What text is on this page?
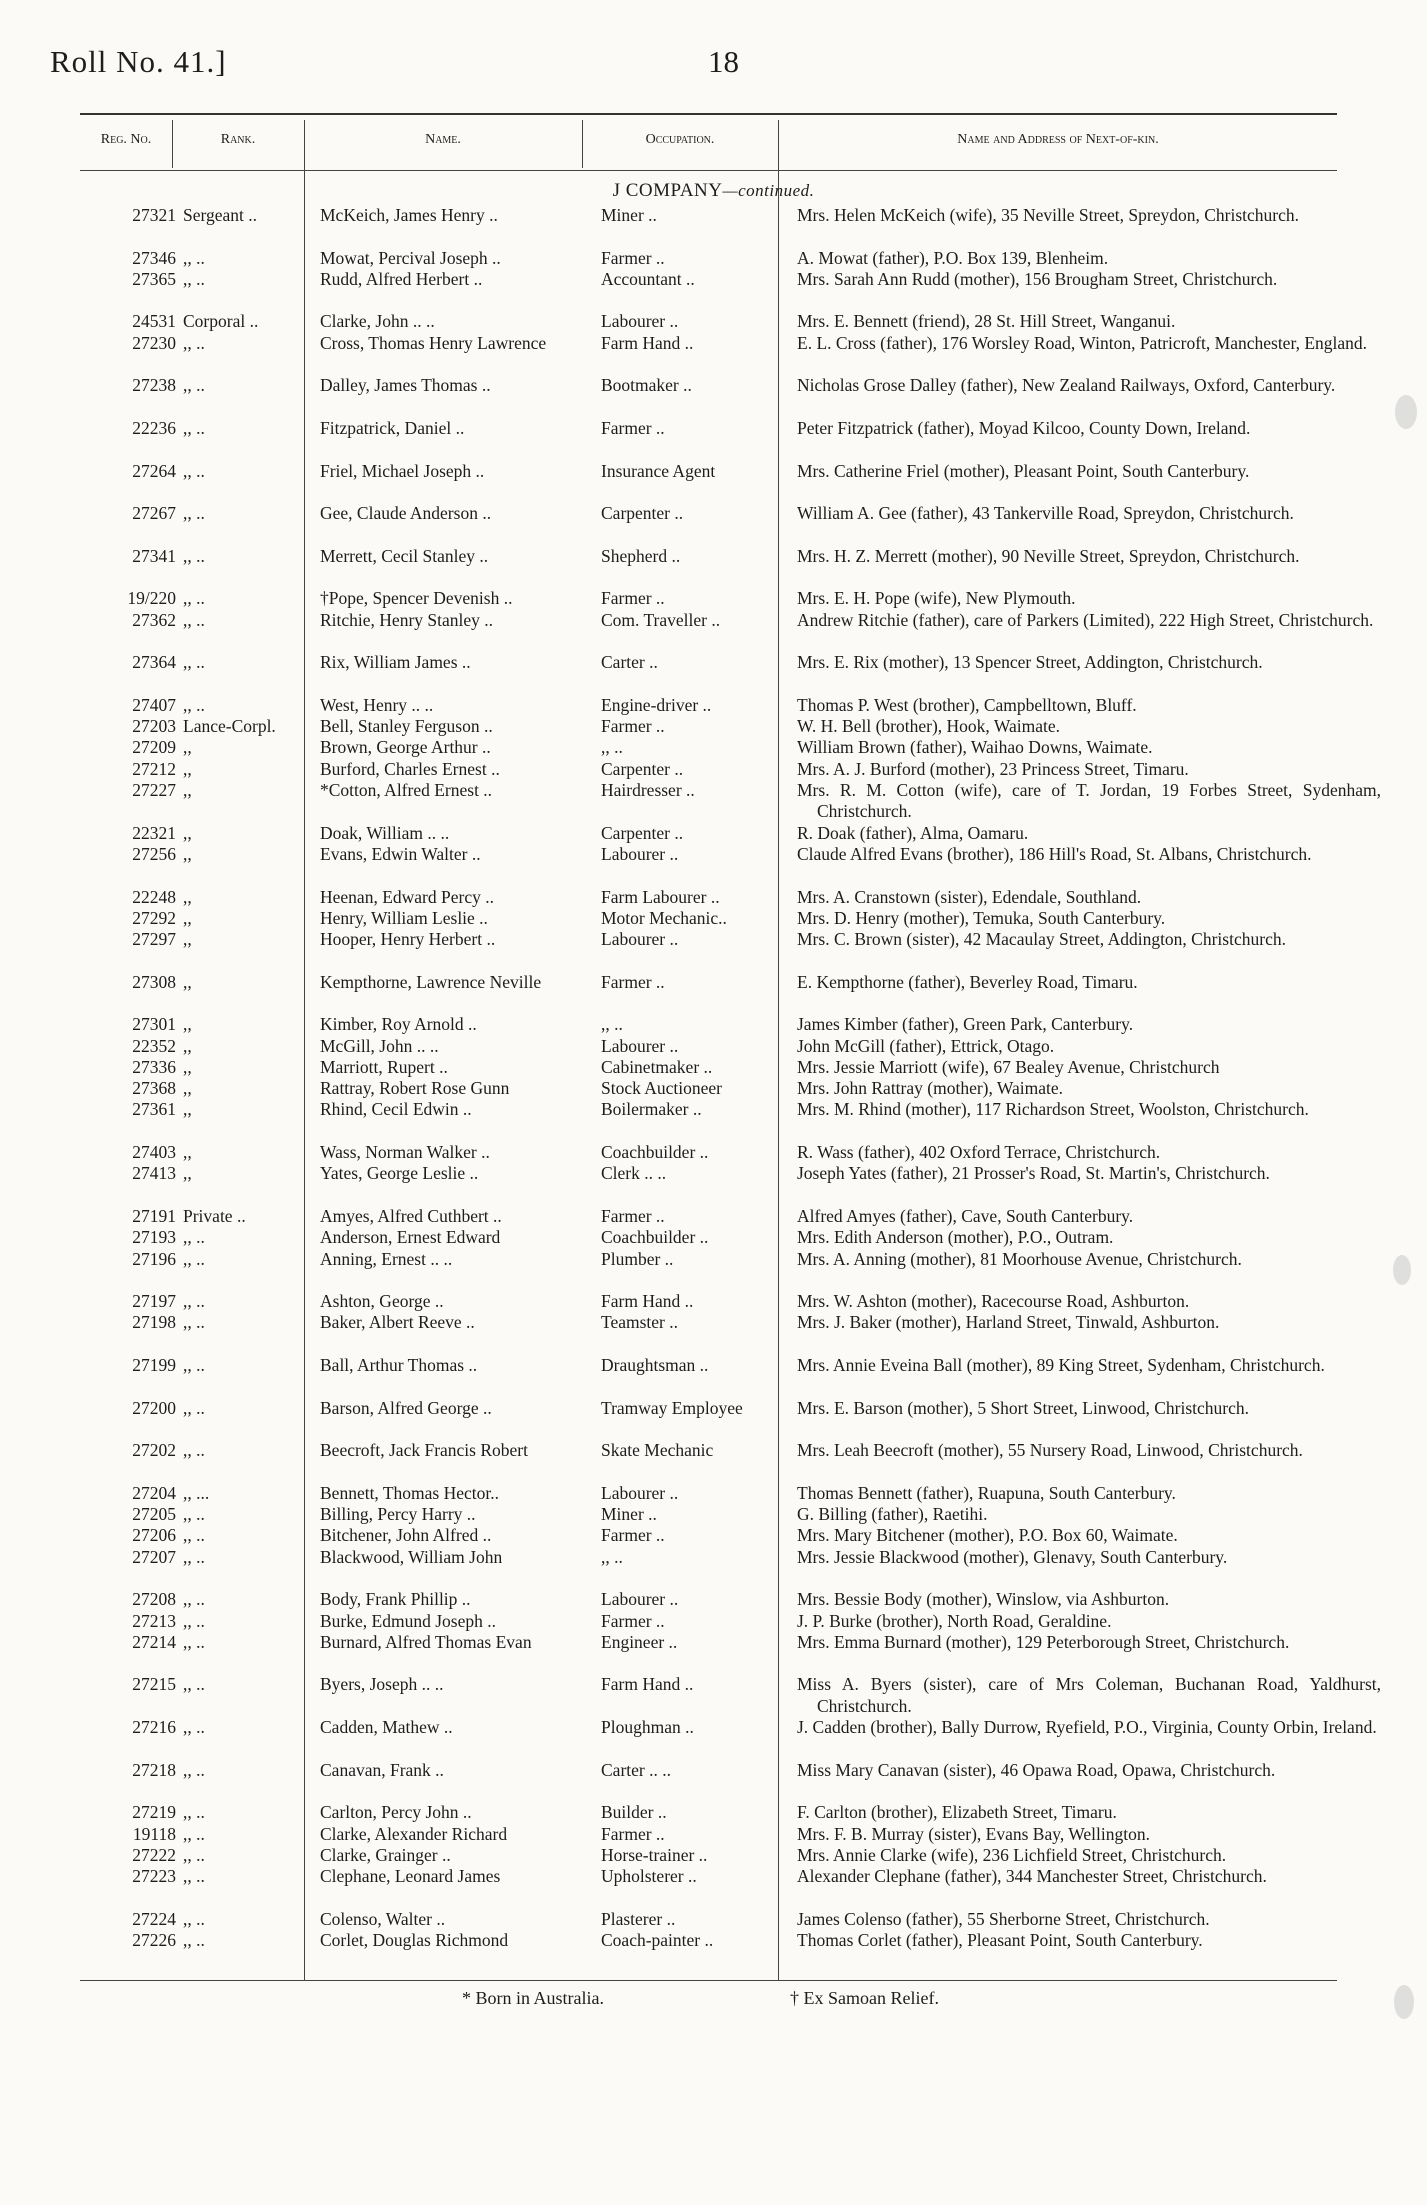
Roll No. 41.]	18
Reg. No.	Rank.	Name.	Occupation.	Name and Address of Next-of-kin.
J COMPANY—continued.
27321 Sergeant ..	McKeich, James Henry ..	Miner ..	Mrs. Helen McKeich (wife), 35 Neville Street, Spreydon, Christchurch.
27346 ,, ..	Mowat, Percival Joseph ..	Farmer ..	A. Mowat (father), P.O. Box 139, Blenheim.
27365 ,, ..	Rudd, Alfred Herbert ..	Accountant ..	Mrs. Sarah Ann Rudd (mother), 156 Brougham Street, Christchurch.
24531 Corporal ..	Clarke, John .. ..	Labourer ..	Mrs. E. Bennett (friend), 28 St. Hill Street, Wanganui.
27230 ,, ..	Cross, Thomas Henry Lawrence	Farm Hand ..	E. L. Cross (father), 176 Worsley Road, Winton, Patricroft, Manchester, England.
27238 ,, ..	Dalley, James Thomas ..	Bootmaker ..	Nicholas Grose Dalley (father), New Zealand Railways, Oxford, Canterbury.
22236 ,, ..	Fitzpatrick, Daniel ..	Farmer ..	Peter Fitzpatrick (father), Moyad Kilcoo, County Down, Ireland.
27264 ,, ..	Friel, Michael Joseph ..	Insurance Agent	Mrs. Catherine Friel (mother), Pleasant Point, South Canterbury.
27267 ,, ..	Gee, Claude Anderson ..	Carpenter ..	William A. Gee (father), 43 Tankerville Road, Spreydon, Christchurch.
27341 ,, ..	Merrett, Cecil Stanley ..	Shepherd ..	Mrs. H. Z. Merrett (mother), 90 Neville Street, Spreydon, Christchurch.
19/220 ,, ..	†Pope, Spencer Devenish ..	Farmer ..	Mrs. E. H. Pope (wife), New Plymouth.
27362 ,, ..	Ritchie, Henry Stanley ..	Com. Traveller ..	Andrew Ritchie (father), care of Parkers (Limited), 222 High Street, Christchurch.
27364 ,, ..	Rix, William James ..	Carter ..	Mrs. E. Rix (mother), 13 Spencer Street, Addington, Christchurch.
27407 ,, ..	West, Henry .. ..	Engine-driver ..	Thomas P. West (brother), Campbelltown, Bluff.
27203 Lance-Corpl.	Bell, Stanley Ferguson ..	Farmer ..	W. H. Bell (brother), Hook, Waimate.
27209 ,,	Brown, George Arthur ..	,, ..	William Brown (father), Waihao Downs, Waimate.
27212 ,,	Burford, Charles Ernest ..	Carpenter ..	Mrs. A. J. Burford (mother), 23 Princess Street, Timaru.
27227 ,,	*Cotton, Alfred Ernest ..	Hairdresser ..	Mrs. R. M. Cotton (wife), care of T. Jordan, 19 Forbes Street, Sydenham, Christchurch.
22321 ,,	Doak, William .. ..	Carpenter ..	R. Doak (father), Alma, Oamaru.
27256 ,,	Evans, Edwin Walter ..	Labourer ..	Claude Alfred Evans (brother), 186 Hill's Road, St. Albans, Christchurch.
22248 ,,	Heenan, Edward Percy ..	Farm Labourer ..	Mrs. A. Cranstown (sister), Edendale, Southland.
27292 ,,	Henry, William Leslie ..	Motor Mechanic..	Mrs. D. Henry (mother), Temuka, South Canterbury.
27297 ,,	Hooper, Henry Herbert ..	Labourer ..	Mrs. C. Brown (sister), 42 Macaulay Street, Addington, Christchurch.
27308 ,,	Kempthorne, Lawrence Neville	Farmer ..	E. Kempthorne (father), Beverley Road, Timaru.
27301 ,,	Kimber, Roy Arnold ..	,, ..	James Kimber (father), Green Park, Canterbury.
22352 ,,	McGill, John .. ..	Labourer ..	John McGill (father), Ettrick, Otago.
27336 ,,	Marriott, Rupert ..	Cabinetmaker ..	Mrs. Jessie Marriott (wife), 67 Bealey Avenue, Christchurch
27368 ,,	Rattray, Robert Rose Gunn	Stock Auctioneer	Mrs. John Rattray (mother), Waimate.
27361 ,,	Rhind, Cecil Edwin ..	Boilermaker ..	Mrs. M. Rhind (mother), 117 Richardson Street, Woolston, Christchurch.
27403 ,,	Wass, Norman Walker ..	Coachbuilder ..	R. Wass (father), 402 Oxford Terrace, Christchurch.
27413 ,,	Yates, George Leslie ..	Clerk .. ..	Joseph Yates (father), 21 Prosser's Road, St. Martin's, Christchurch.
27191 Private ..	Amyes, Alfred Cuthbert ..	Farmer ..	Alfred Amyes (father), Cave, South Canterbury.
27193 ,, ..	Anderson, Ernest Edward	Coachbuilder ..	Mrs. Edith Anderson (mother), P.O., Outram.
27196 ,, ..	Anning, Ernest .. ..	Plumber ..	Mrs. A. Anning (mother), 81 Moorhouse Avenue, Christchurch.
27197 ,, ..	Ashton, George ..	Farm Hand ..	Mrs. W. Ashton (mother), Racecourse Road, Ashburton.
27198 ,, ..	Baker, Albert Reeve ..	Teamster ..	Mrs. J. Baker (mother), Harland Street, Tinwald, Ashburton.
27199 ,, ..	Ball, Arthur Thomas ..	Draughtsman ..	Mrs. Annie Eveina Ball (mother), 89 King Street, Sydenham, Christchurch.
27200 ,, ..	Barson, Alfred George ..	Tramway Employee	Mrs. E. Barson (mother), 5 Short Street, Linwood, Christchurch.
27202 ,, ..	Beecroft, Jack Francis Robert	Skate Mechanic	Mrs. Leah Beecroft (mother), 55 Nursery Road, Linwood, Christchurch.
27204 ,, ...	Bennett, Thomas Hector..	Labourer ..	Thomas Bennett (father), Ruapuna, South Canterbury.
27205 ,, ..	Billing, Percy Harry ..	Miner ..	G. Billing (father), Raetihi.
27206 ,, ..	Bitchener, John Alfred ..	Farmer ..	Mrs. Mary Bitchener (mother), P.O. Box 60, Waimate.
27207 ,, ..	Blackwood, William John	,, ..	Mrs. Jessie Blackwood (mother), Glenavy, South Canterbury.
27208 ,, ..	Body, Frank Phillip ..	Labourer ..	Mrs. Bessie Body (mother), Winslow, via Ashburton.
27213 ,, ..	Burke, Edmund Joseph ..	Farmer ..	J. P. Burke (brother), North Road, Geraldine.
27214 ,, ..	Burnard, Alfred Thomas Evan	Engineer ..	Mrs. Emma Burnard (mother), 129 Peterborough Street, Christchurch.
27215 ,, ..	Byers, Joseph .. ..	Farm Hand ..	Miss A. Byers (sister), care of Mrs Coleman, Buchanan Road, Yaldhurst, Christchurch.
27216 ,, ..	Cadden, Mathew ..	Ploughman ..	J. Cadden (brother), Bally Durrow, Ryefield, P.O., Virginia, County Orbin, Ireland.
27218 ,, ..	Canavan, Frank ..	Carter .. ..	Miss Mary Canavan (sister), 46 Opawa Road, Opawa, Christchurch.
27219 ,, ..	Carlton, Percy John ..	Builder ..	F. Carlton (brother), Elizabeth Street, Timaru.
19118 ,, ..	Clarke, Alexander Richard	Farmer ..	Mrs. F. B. Murray (sister), Evans Bay, Wellington.
27222 ,, ..	Clarke, Grainger ..	Horse-trainer ..	Mrs. Annie Clarke (wife), 236 Lichfield Street, Christchurch.
27223 ,, ..	Clephane, Leonard James	Upholsterer ..	Alexander Clephane (father), 344 Manchester Street, Christchurch.
27224 ,, ..	Colenso, Walter ..	Plasterer ..	James Colenso (father), 55 Sherborne Street, Christchurch.
27226 ,, ..	Corlet, Douglas Richmond	Coach-painter ..	Thomas Corlet (father), Pleasant Point, South Canterbury.
* Born in Australia.	† Ex Samoan Relief.
